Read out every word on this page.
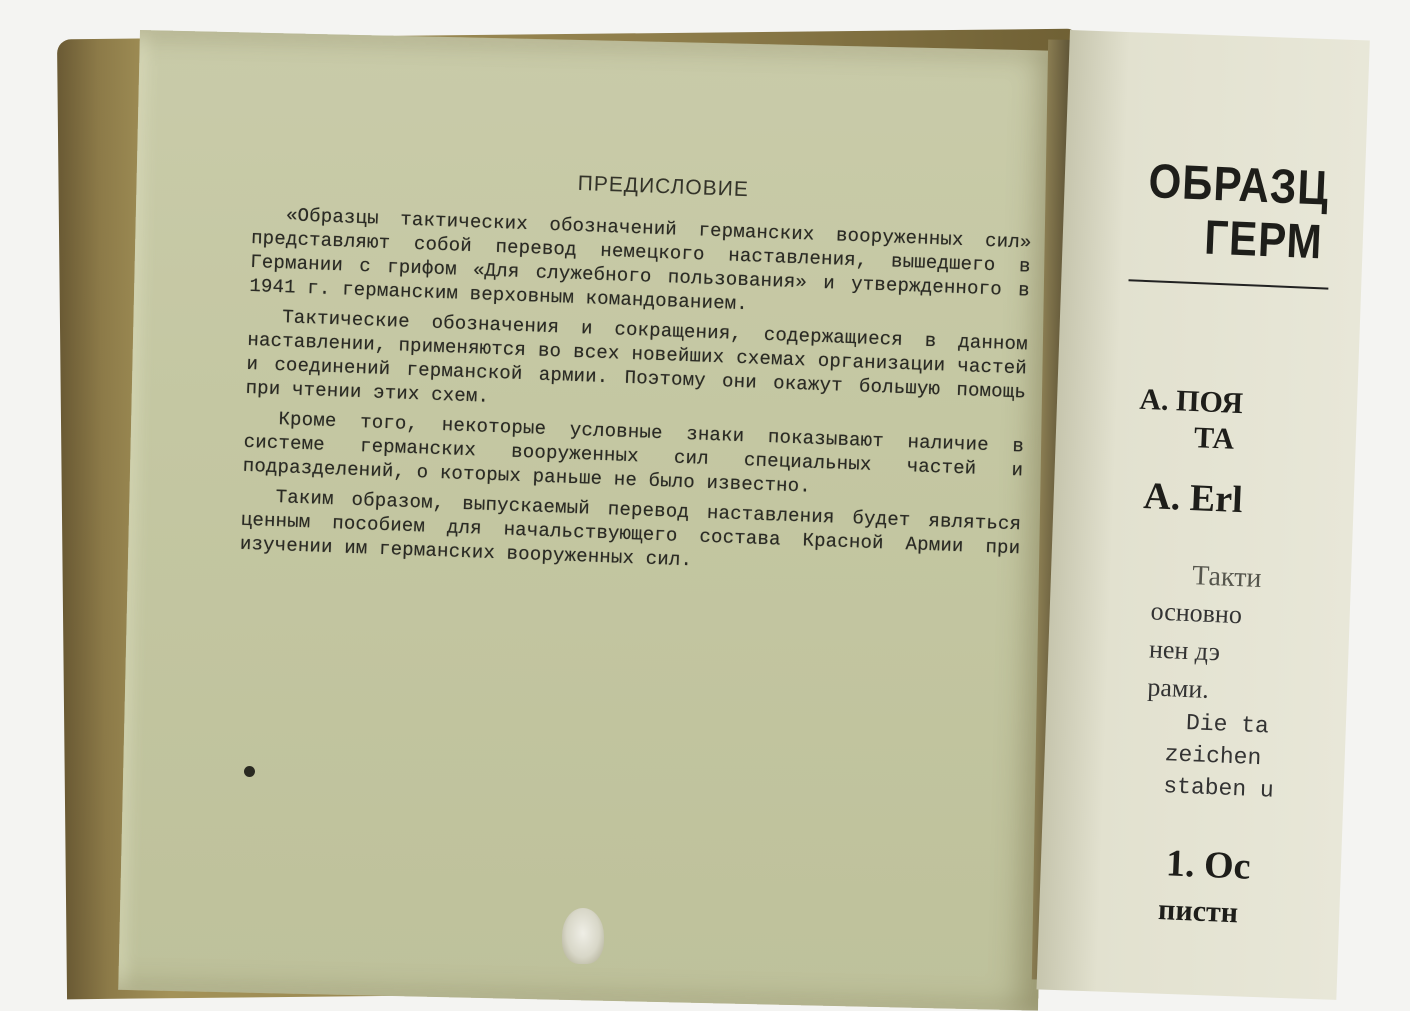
ПРЕДИСЛОВИЕ

«Образцы тактических обозначений германских вооруженных сил» представляют собой перевод немецкого наставления, вышедшего в Германии с грифом «Для служебного пользования» и утвержденного в 1941 г. германским верховным командованием.

Тактические обозначения и сокращения, содержащиеся в данном наставлении, применяются во всех новейших схемах организации частей и соединений германской армии. Поэтому они окажут большую помощь при чтении этих схем.

Кроме того, некоторые условные знаки показывают наличие в системе германских вооруженных сил специальных частей и подразделений, о которых раньше не было известно.

Таким образом, выпускаемый перевод наставления будет являться ценным пособием для начальствующего состава Красной Армии при изучении им германских вооруженных сил.

ОБРАЗЦ
ГЕРМ
А. ПОЯ
ТА
A. Erl
Такти
основно
нен дэ
рами.
Die ta
zeichen
staben u
1. Oc
пистн
